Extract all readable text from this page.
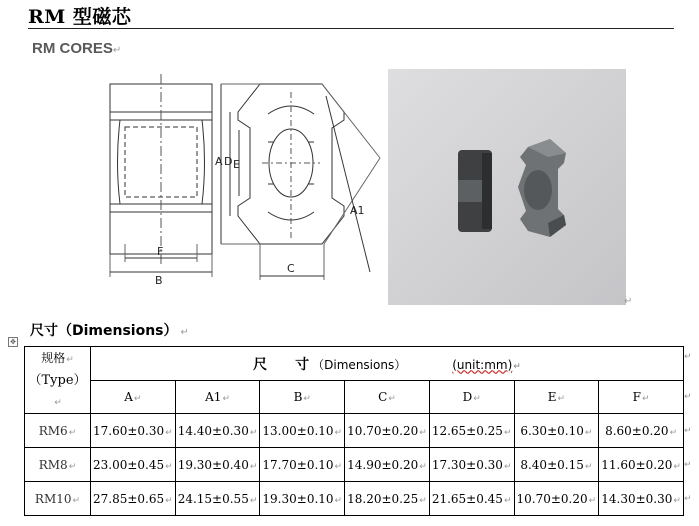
RM 型磁芯
RM CORES↵
F
B
A D E
A1
C
↵
尺寸（Dimensions） ↵
✥
规格↵
（Type）↵	尺　　寸 （Dimensions） (unit:mm)↵						
	A↵	A1↵	B↵	C↵	D↵	E↵	F↵
RM6↵	17.60±0.30↵	14.40±0.30↵	13.00±0.10↵	10.70±0.20↵	12.65±0.25↵	6.30±0.10↵	8.60±0.20↵
RM8↵	23.00±0.45↵	19.30±0.40↵	17.70±0.10↵	14.90±0.20↵	17.30±0.30↵	8.40±0.15↵	11.60±0.20↵
RM10↵	27.85±0.65↵	24.15±0.55↵	19.30±0.10↵	18.20±0.25↵	21.65±0.45↵	10.70±0.20↵	14.30±0.30↵
↵
↵
↵
↵
↵
